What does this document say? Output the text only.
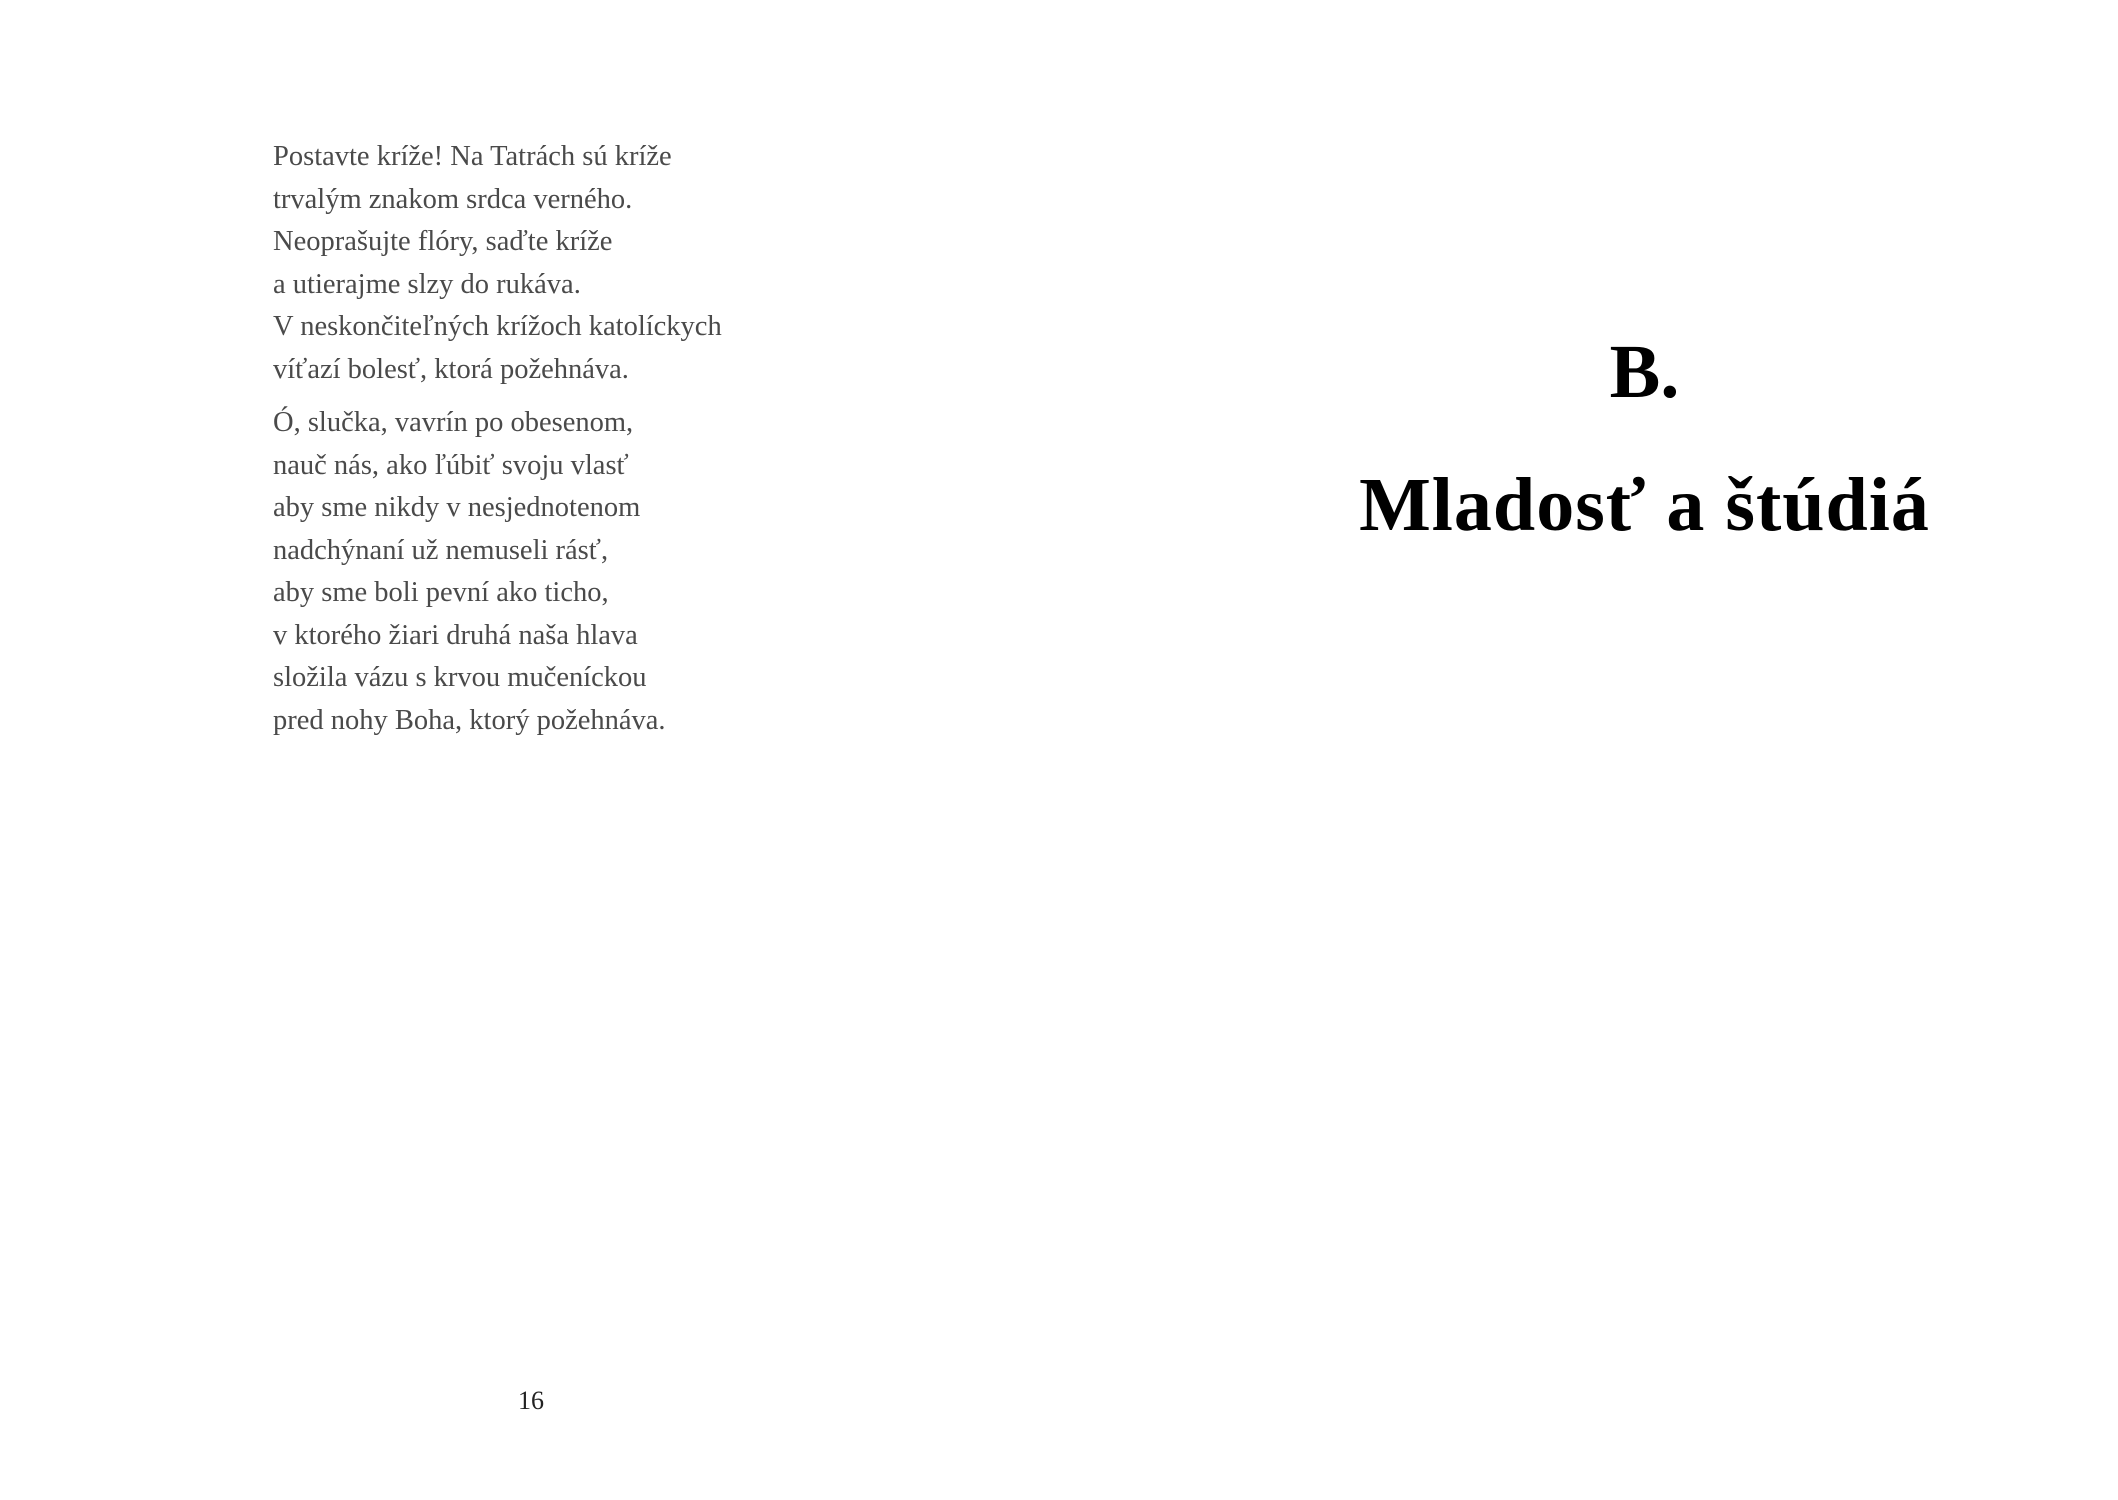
Postavte kríže! Na Tatrách sú kríže
trvalým znakom srdca verného.
Neoprašujte flóry, saďte kríže
a utierajme slzy do rukáva.
V neskončiteľných krížoch katolíckych
víťazí bolesť, ktorá požehnáva.
Ó, slučka, vavrín po obesenom,
nauč nás, ako ľúbiť svoju vlasť
aby sme nikdy v nesjednotenom
nadchýnaní už nemuseli rásť,
aby sme boli pevní ako ticho,
v ktorého žiari druhá naša hlava
složila vázu s krvou mučeníckou
pred nohy Boha, ktorý požehnáva.
16
B.
Mladosť a štúdiá
